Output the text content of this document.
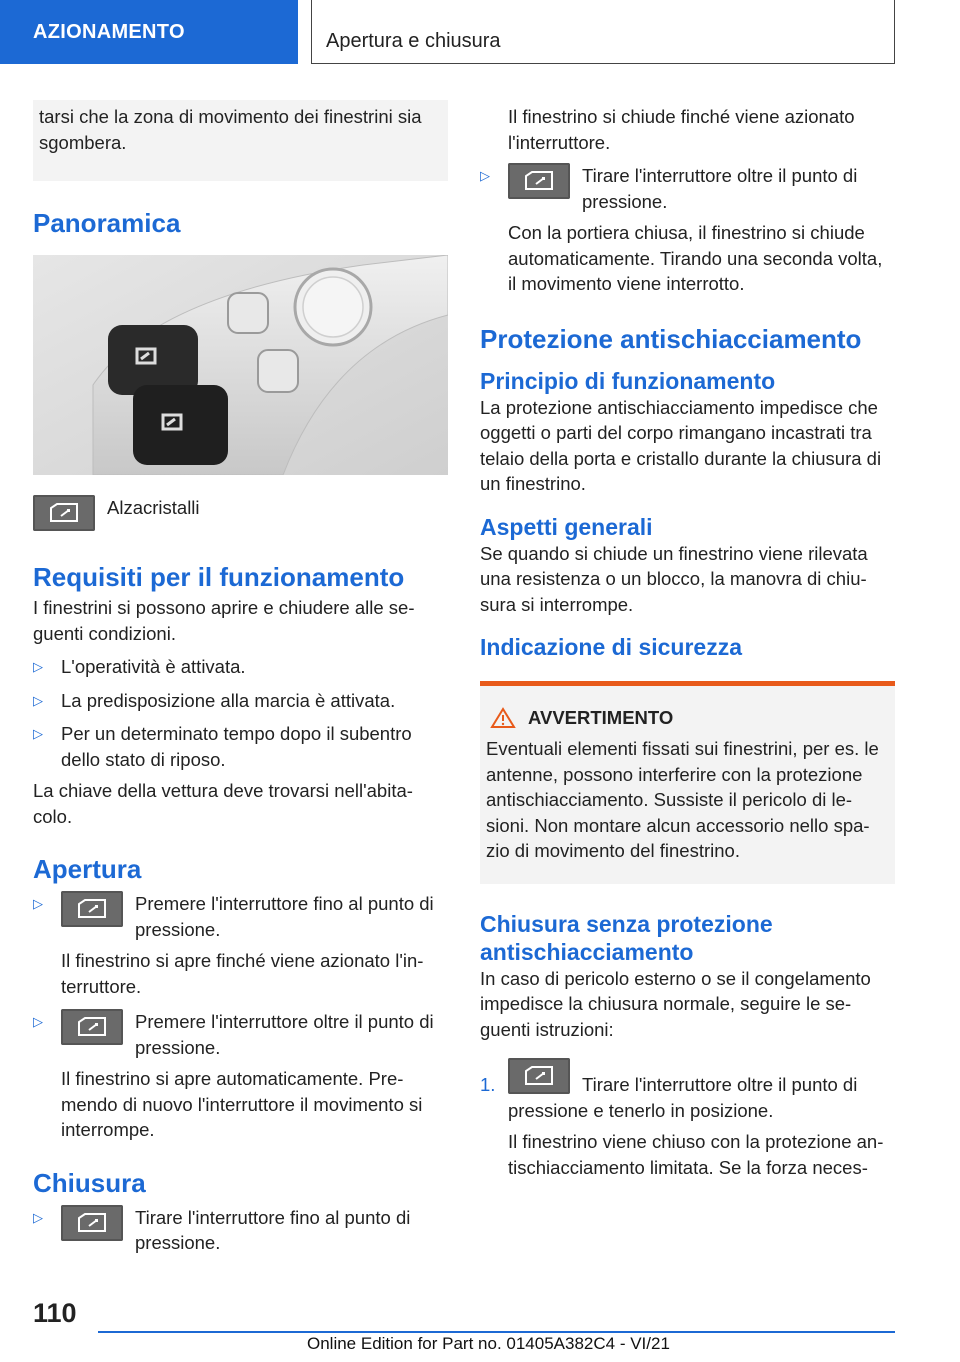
AZIONAMENTO	Apertura e chiusura
tarsi che la zona di movimento dei finestrini sia sgombera.
Panoramica

Alzacristalli

Requisiti per il funzionamento

I finestrini si possono aprire e chiudere alle se-guenti condizioni.

▷ L'operatività è attivata.

▷ La predisposizione alla marcia è attivata.

▷ Per un determinato tempo dopo il subentro dello stato di riposo.

La chiave della vettura deve trovarsi nell'abita-colo.

Apertura
▷	Premere l'interruttore fino al punto di pressione.

Il finestrino si apre finché viene azionato l'in-terruttore.

▷	Premere l'interruttore oltre il punto di pressione.

Il finestrino si apre automaticamente. Pre-mendo di nuovo l'interruttore il movimento si interrompe.

Chiusura
▷	Tirare l'interruttore fino al punto di pressione.

Il finestrino si chiude finché viene azionato l'interruttore.

▷	Tirare l'interruttore oltre il punto di pressione.

Con la portiera chiusa, il finestrino si chiude automaticamente. Tirando una seconda volta, il movimento viene interrotto.

Protezione antischiacciamento
Principio di funzionamento

La protezione antischiacciamento impedisce che oggetti o parti del corpo rimangano incastrati tra telaio della porta e cristallo durante la chiusura di un finestrino.

Aspetti generali

Se quando si chiude un finestrino viene rilevata una resistenza o un blocco, la manovra di chiu-sura si interrompe.

Indicazione di sicurezza
AVVERTIMENTO

Eventuali elementi fissati sui finestrini, per es. le antenne, possono interferire con la protezione antischiacciamento. Sussiste il pericolo di le-sioni. Non montare alcun accessorio nello spa-zio di movimento del finestrino.

Chiusura senza protezione antischiacciamento

In caso di pericolo esterno o se il congelamento impedisce la chiusura normale, seguire le se-guenti istruzioni:

1.	Tirare l'interruttore oltre il punto di pressione e tenerlo in posizione.

Il finestrino viene chiuso con la protezione an-tischiacciamento limitata. Se la forza neces-

110
Online Edition for Part no. 01405A382C4 - VI/21
